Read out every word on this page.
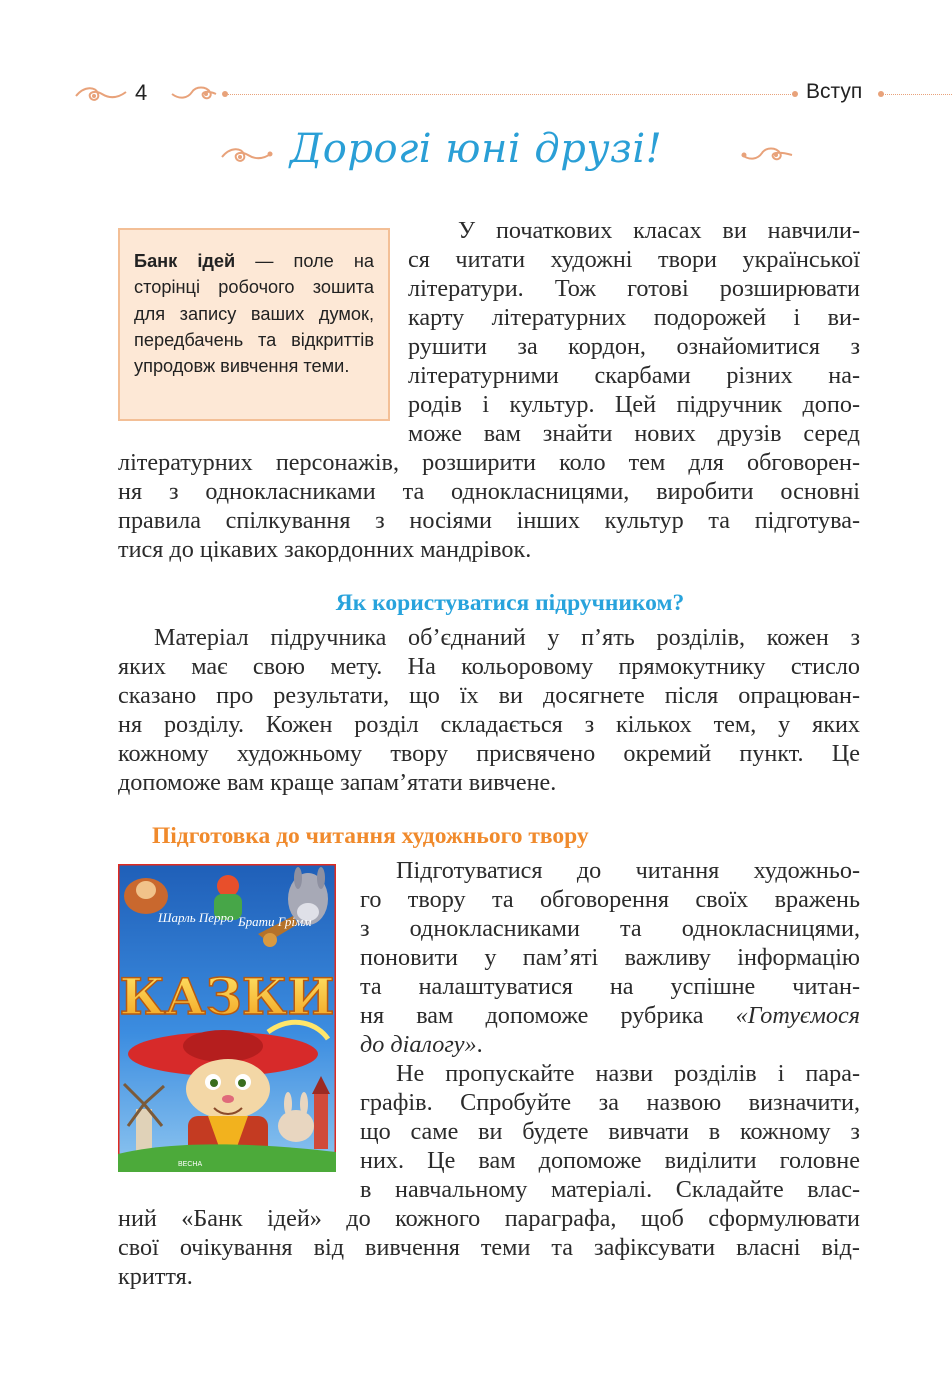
4	Вступ
Дорогі юні друзі!
Банк ідей — поле на сторінці робочого зошита для запису ваших думок, передбачень та відкриттів упродовж вивчення теми.
У початкових класах ви навчили-
ся читати художні твори української
літератури. Тож готові розширювати
карту літературних подорожей і ви-
рушити за кордон, ознайомитися з
літературними скарбами різних на-
родів і культур. Цей підручник допо-
може вам знайти нових друзів серед
літературних персонажів, розширити коло тем для обговорен-
ня з однокласниками та однокласницями, виробити основні
правила спілкування з носіями інших культур та підготува-
тися до цікавих закордонних мандрівок.
Як користуватися підручником?
Матеріал підручника об’єднаний у п’ять розділів, кожен з
яких має свою мету. На кольоровому прямокутнику стисло
сказано про результати, що їх ви досягнете після опрацюван-
ня розділу. Кожен розділ складається з кількох тем, у яких
кожному художньому твору присвячено окремий пункт. Це
допоможе вам краще запам’ятати вивчене.
Підготовка до читання художнього твору
Шарль Перро Брати Грімм
КАЗКИ
ВЕСНА
Підготуватися до читання художньо-
го твору та обговорення своїх вражень
з однокласниками та однокласницями,
поновити у пам’яті важливу інформацію
та налаштуватися на успішне читан-
ня вам допоможе рубрика «Готуємося
до діалогу».
Не пропускайте назви розділів і пара-
графів. Спробуйте за назвою визначити,
що саме ви будете вивчати в кожному з
них. Це вам допоможе виділити головне
в навчальному матеріалі. Складайте влас-
ний «Банк ідей» до кожного параграфа, щоб сформулювати
свої очікування від вивчення теми та зафіксувати власні від-
криття.
